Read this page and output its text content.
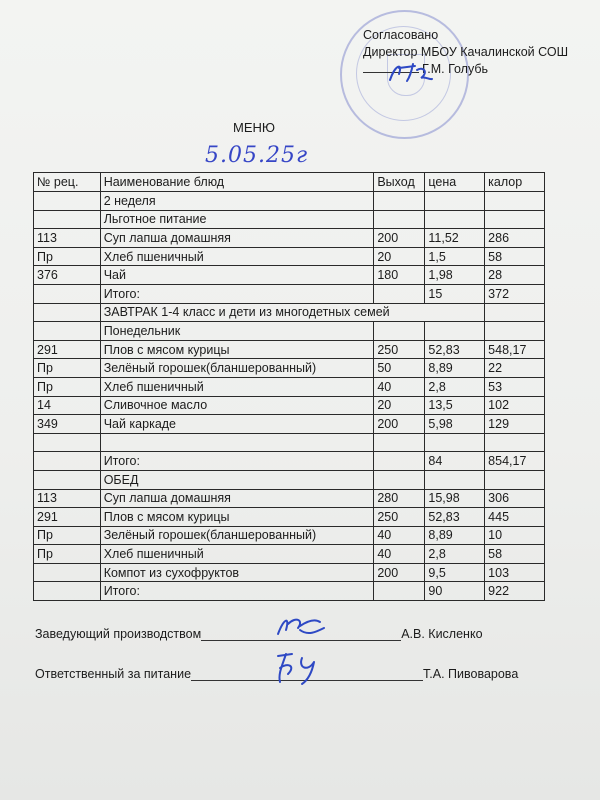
Согласовано
Директор МБОУ Качалинской СОШ
Г.М. Голубь
МЕНЮ
5.05.25г
№ рец.	Наименование блюд	Выход	цена	калор
	2 неделя			
	Льготное питание			
113	Суп лапша домашняя	200	11,52	286
Пр	Хлеб пшеничный	20	1,5	58
376	Чай	180	1,98	28
	Итого:		15	372
	ЗАВТРАК 1-4 класс и дети из многодетных семей			
	Понедельник			
291	Плов с мясом курицы	250	52,83	548,17
Пр	Зелёный горошек(бланшерованный)	50	8,89	22
Пр	Хлеб пшеничный	40	2,8	53
14	Сливочное масло	20	13,5	102
349	Чай каркаде	200	5,98	129

	Итого:		84	854,17
	ОБЕД			
113	Суп лапша домашняя	280	15,98	306
291	Плов с мясом курицы	250	52,83	445
Пр	Зелёный горошек(бланшерованный)	40	8,89	10
Пр	Хлеб пшеничный	40	2,8	58
	Компот из сухофруктов	200	9,5	103
	Итого:		90	922
Заведующий производством	А.В. Кисленко
Ответственный за питание	Т.А. Пивоварова
